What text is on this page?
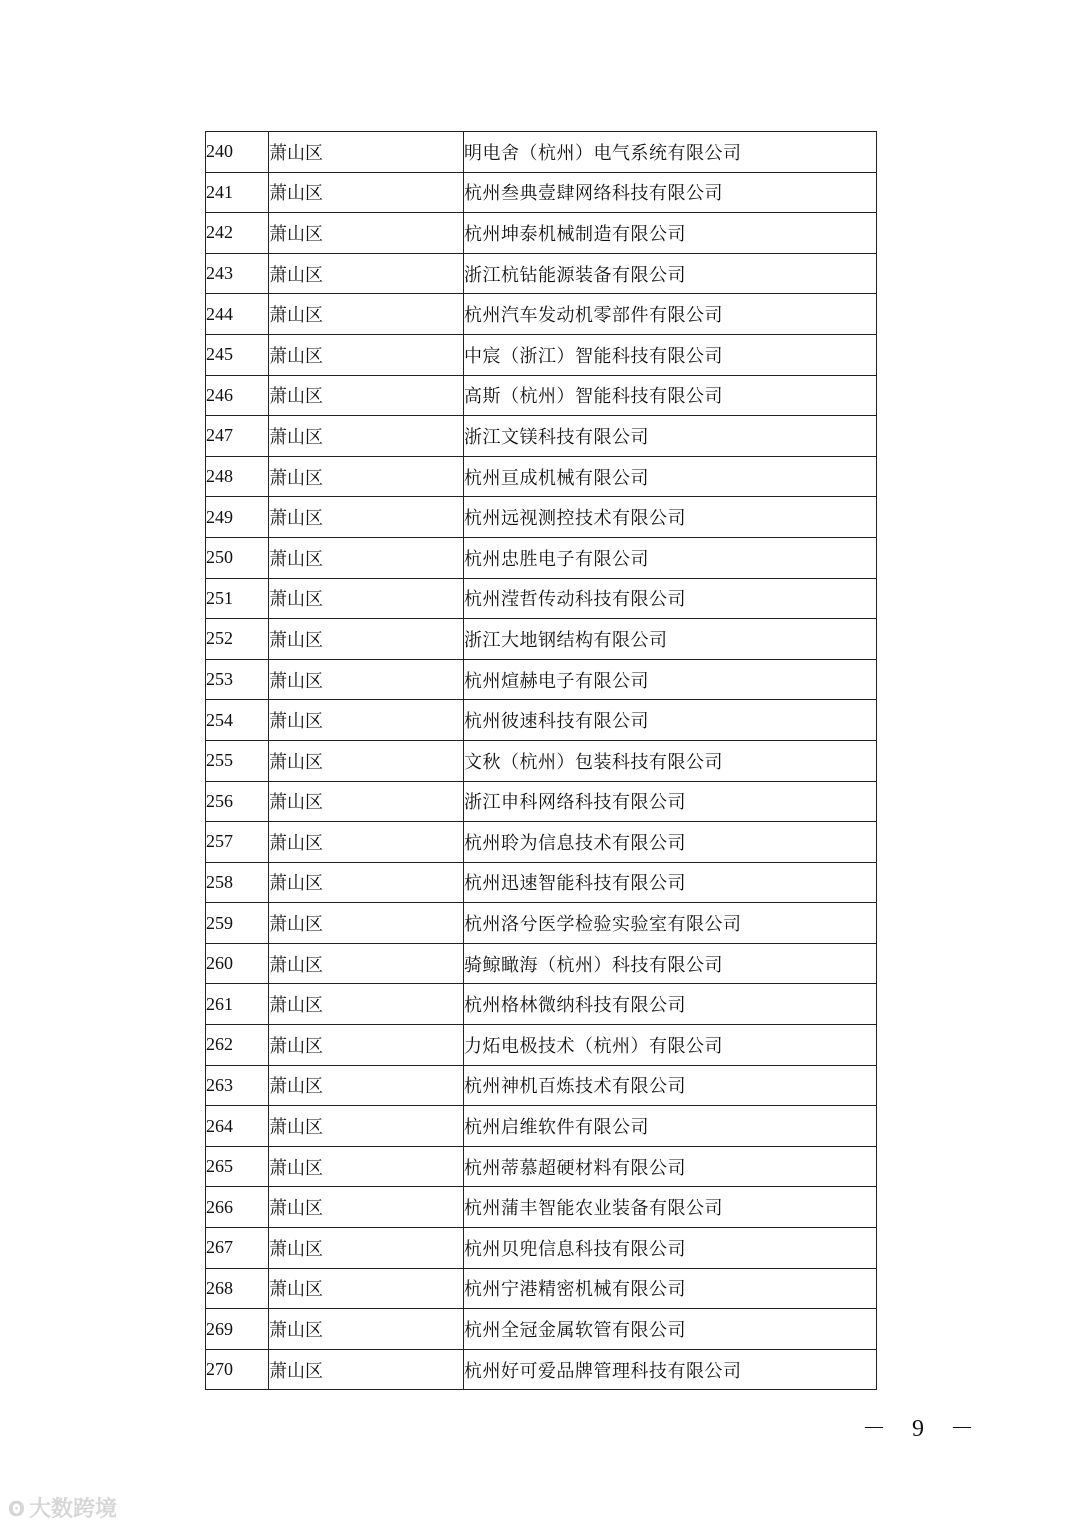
240	萧山区	明电舍（杭州）电气系统有限公司
241	萧山区	杭州叁典壹肆网络科技有限公司
242	萧山区	杭州坤泰机械制造有限公司
243	萧山区	浙江杭钻能源装备有限公司
244	萧山区	杭州汽车发动机零部件有限公司
245	萧山区	中宸（浙江）智能科技有限公司
246	萧山区	高斯（杭州）智能科技有限公司
247	萧山区	浙江文镁科技有限公司
248	萧山区	杭州亘成机械有限公司
249	萧山区	杭州远视测控技术有限公司
250	萧山区	杭州忠胜电子有限公司
251	萧山区	杭州滢哲传动科技有限公司
252	萧山区	浙江大地钢结构有限公司
253	萧山区	杭州煊赫电子有限公司
254	萧山区	杭州彼速科技有限公司
255	萧山区	文秋（杭州）包装科技有限公司
256	萧山区	浙江申科网络科技有限公司
257	萧山区	杭州聆为信息技术有限公司
258	萧山区	杭州迅速智能科技有限公司
259	萧山区	杭州洛兮医学检验实验室有限公司
260	萧山区	骑鲸瞰海（杭州）科技有限公司
261	萧山区	杭州格林微纳科技有限公司
262	萧山区	力炻电极技术（杭州）有限公司
263	萧山区	杭州神机百炼技术有限公司
264	萧山区	杭州启维软件有限公司
265	萧山区	杭州蒂慕超硬材料有限公司
266	萧山区	杭州蒲丰智能农业装备有限公司
267	萧山区	杭州贝兜信息科技有限公司
268	萧山区	杭州宁港精密机械有限公司
269	萧山区	杭州全冠金属软管有限公司
270	萧山区	杭州好可爱品牌管理科技有限公司
－ 9 －
ʘ 大数跨境
